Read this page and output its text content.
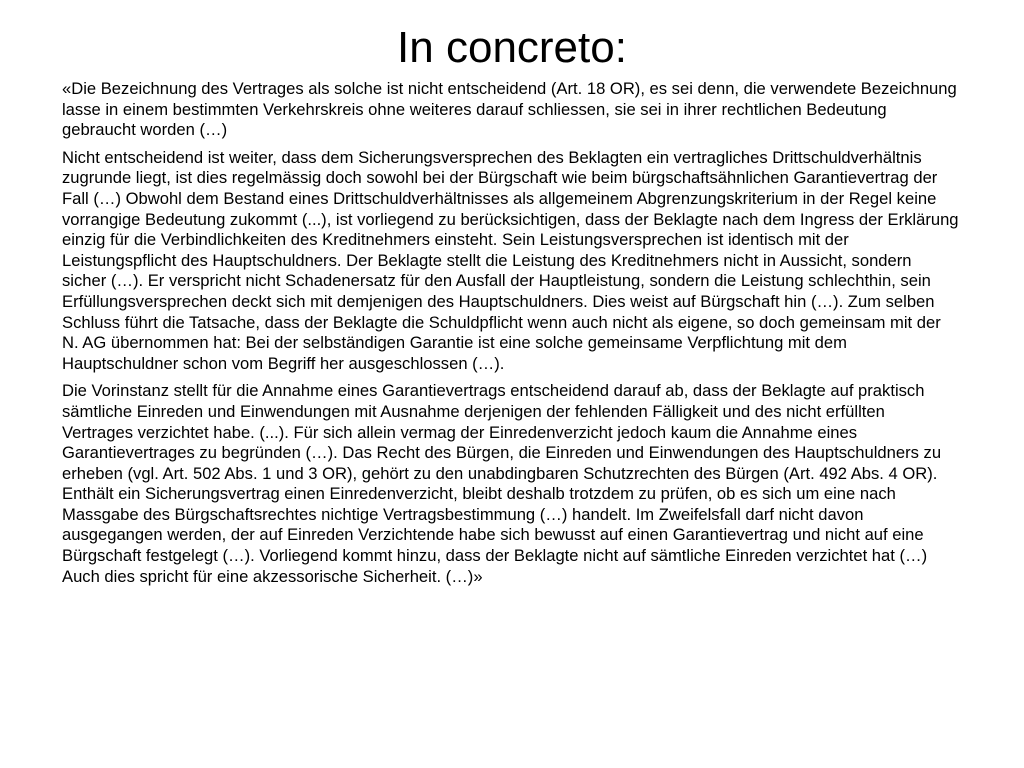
In concreto:

«Die Bezeichnung des Vertrages als solche ist nicht entscheidend (Art. 18 OR), es sei denn, die verwendete Bezeichnung lasse in einem bestimmten Verkehrskreis ohne weiteres darauf schliessen, sie sei in ihrer rechtlichen Bedeutung gebraucht worden (…)

Nicht entscheidend ist weiter, dass dem Sicherungsversprechen des Beklagten ein vertragliches Drittschuldverhältnis zugrunde liegt, ist dies regelmässig doch sowohl bei der Bürgschaft wie beim bürgschaftsähnlichen Garantievertrag der Fall (…) Obwohl dem Bestand eines Drittschuldverhältnisses als allgemeinem Abgrenzungskriterium in der Regel keine vorrangige Bedeutung zukommt (...), ist vorliegend zu berücksichtigen, dass der Beklagte nach dem Ingress der Erklärung einzig für die Verbindlichkeiten des Kreditnehmers einsteht. Sein Leistungsversprechen ist identisch mit der Leistungspflicht des Hauptschuldners. Der Beklagte stellt die Leistung des Kreditnehmers nicht in Aussicht, sondern sicher (…). Er verspricht nicht Schadenersatz für den Ausfall der Hauptleistung, sondern die Leistung schlechthin, sein Erfüllungsversprechen deckt sich mit demjenigen des Hauptschuldners. Dies weist auf Bürgschaft hin (…). Zum selben Schluss führt die Tatsache, dass der Beklagte die Schuldpflicht wenn auch nicht als eigene, so doch gemeinsam mit der N. AG übernommen hat: Bei der selbständigen Garantie ist eine solche gemeinsame Verpflichtung mit dem Hauptschuldner schon vom Begriff her ausgeschlossen (…).

Die Vorinstanz stellt für die Annahme eines Garantievertrags entscheidend darauf ab, dass der Beklagte auf praktisch sämtliche Einreden und Einwendungen mit Ausnahme derjenigen der fehlenden Fälligkeit und des nicht erfüllten Vertrages verzichtet habe. (...). Für sich allein vermag der Einredenverzicht jedoch kaum die Annahme eines Garantievertrages zu begründen (…). Das Recht des Bürgen, die Einreden und Einwendungen des Hauptschuldners zu erheben (vgl. Art. 502 Abs. 1 und 3 OR), gehört zu den unabdingbaren Schutzrechten des Bürgen (Art. 492 Abs. 4 OR). Enthält ein Sicherungsvertrag einen Einredenverzicht, bleibt deshalb trotzdem zu prüfen, ob es sich um eine nach Massgabe des Bürgschaftsrechtes nichtige Vertragsbestimmung (…) handelt. Im Zweifelsfall darf nicht davon ausgegangen werden, der auf Einreden Verzichtende habe sich bewusst auf einen Garantievertrag und nicht auf eine Bürgschaft festgelegt (…). Vorliegend kommt hinzu, dass der Beklagte nicht auf sämtliche Einreden verzichtet hat (…) Auch dies spricht für eine akzessorische Sicherheit. (…)»
